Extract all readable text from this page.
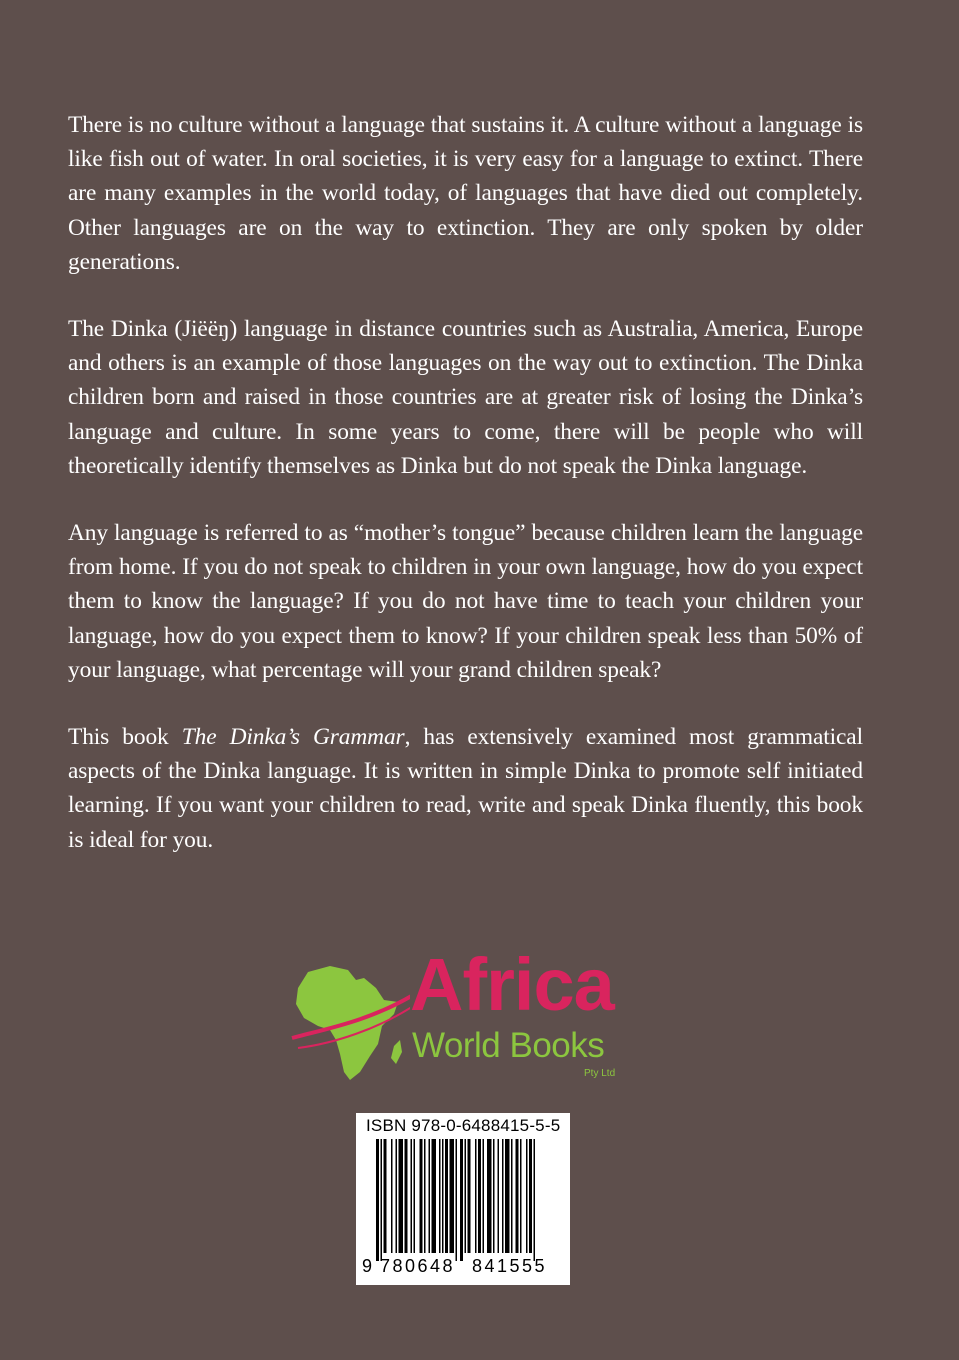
There is no culture without a language that sustains it. A culture without a language is like fish out of water. In oral societies, it is very easy for a language to extinct. There are many examples in the world today, of languages that have died out completely. Other languages are on the way to extinction. They are only spoken by older generations.

The Dinka (Jiëëŋ) language in distance countries such as Australia, America, Europe and others is an example of those languages on the way out to extinction. The Dinka children born and raised in those countries are at greater risk of losing the Dinka’s language and culture. In some years to come, there will be people who will theoretically identify themselves as Dinka but do not speak the Dinka language.

Any language is referred to as “mother’s tongue” because children learn the language from home. If you do not speak to children in your own language, how do you expect them to know the language? If you do not have time to teach your children your language, how do you expect them to know? If your children speak less than 50% of your language, what percentage will your grand children speak?

This book The Dinka’s Grammar, has extensively examined most grammatical aspects of the Dinka language. It is written in simple Dinka to promote self initiated learning. If you want your children to read, write and speak Dinka fluently, this book is ideal for you.

Africa
World Books
Pty Ltd
ISBN 978-0-6488415-5-5
9 780648 841555
